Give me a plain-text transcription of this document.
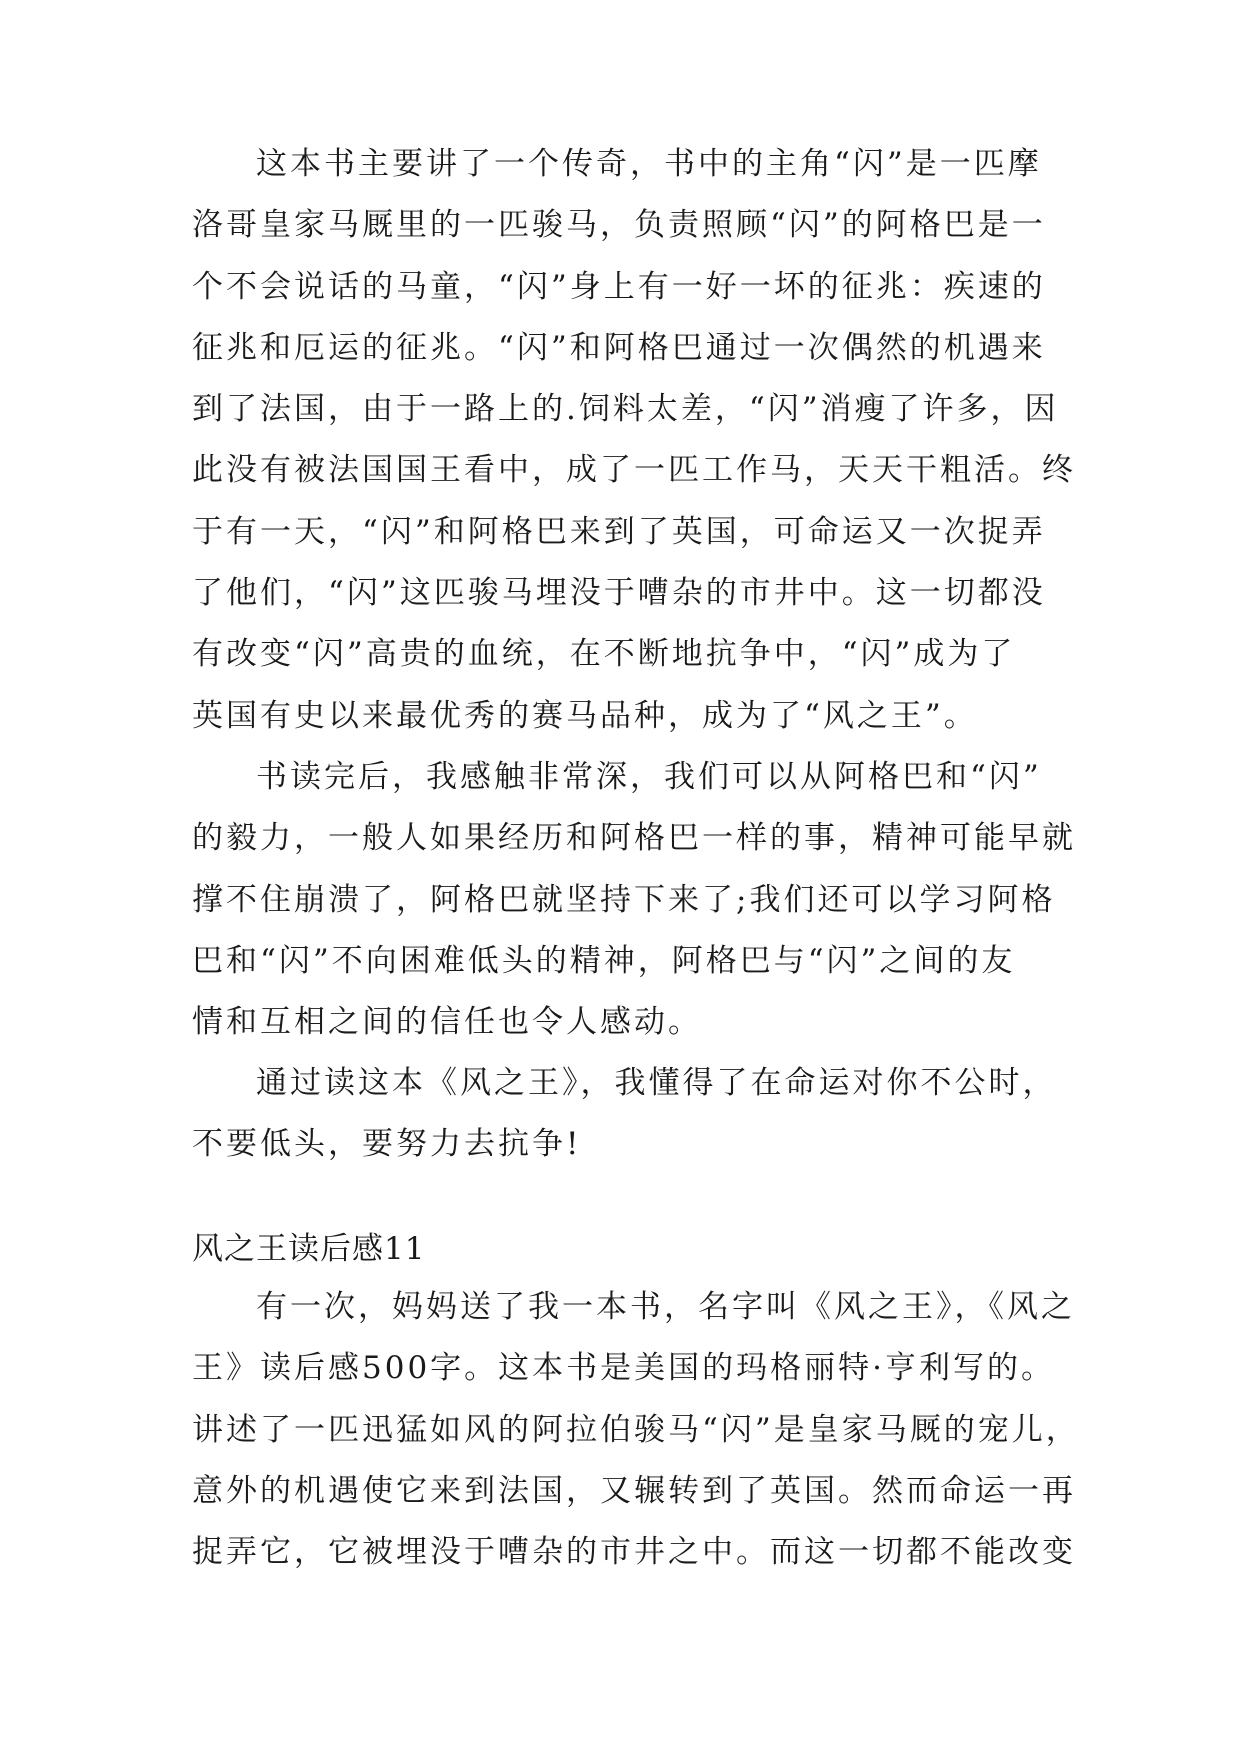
这本书主要讲了一个传奇，书中的主角“闪”是一匹摩
洛哥皇家马厩里的一匹骏马，负责照顾“闪”的阿格巴是一
个不会说话的马童，“闪”身上有一好一坏的征兆：疾速的
征兆和厄运的征兆。“闪”和阿格巴通过一次偶然的机遇来
到了法国，由于一路上的.饲料太差，“闪”消瘦了许多，因
此没有被法国国王看中，成了一匹工作马，天天干粗活。终
于有一天，“闪”和阿格巴来到了英国，可命运又一次捉弄
了他们，“闪”这匹骏马埋没于嘈杂的市井中。这一切都没
有改变“闪”高贵的血统，在不断地抗争中，“闪”成为了
英国有史以来最优秀的赛马品种，成为了“风之王”。
书读完后，我感触非常深，我们可以从阿格巴和“闪”
的毅力，一般人如果经历和阿格巴一样的事，精神可能早就
撑不住崩溃了，阿格巴就坚持下来了;我们还可以学习阿格
巴和“闪”不向困难低头的精神，阿格巴与“闪”之间的友
情和互相之间的信任也令人感动。
通过读这本《风之王》，我懂得了在命运对你不公时，
不要低头，要努力去抗争!
风之王读后感11
有一次，妈妈送了我一本书，名字叫《风之王》，《风之
王》读后感500字。这本书是美国的玛格丽特·亨利写的。
讲述了一匹迅猛如风的阿拉伯骏马“闪”是皇家马厩的宠儿，
意外的机遇使它来到法国，又辗转到了英国。然而命运一再
捉弄它，它被埋没于嘈杂的市井之中。而这一切都不能改变
